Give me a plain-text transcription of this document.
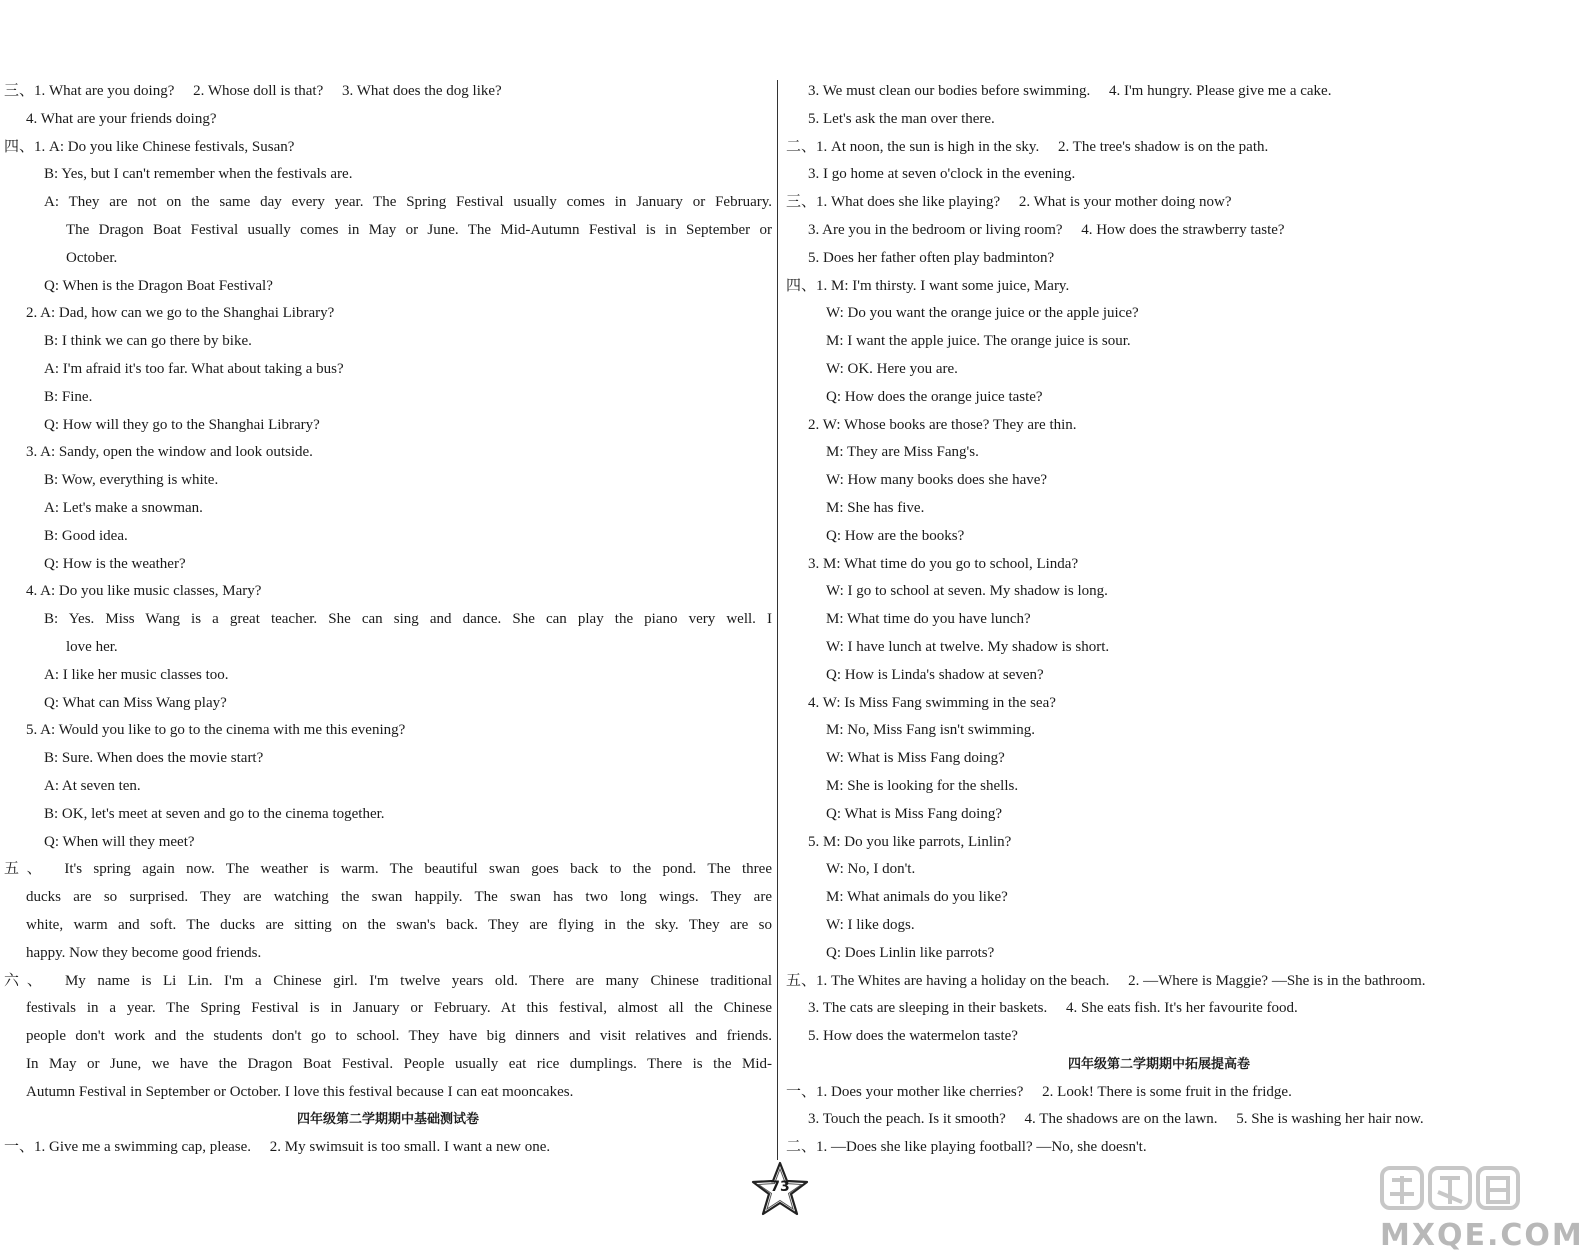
三、1. What are you doing?　 2. Whose doll is that?　 3. What does the dog like?
4. What are your friends doing?
四、1. A: Do you like Chinese festivals, Susan?
B: Yes, but I can't remember when the festivals are.
A: They are not on the same day every year. The Spring Festival usually comes in January or February.
The Dragon Boat Festival usually comes in May or June. The Mid-Autumn Festival is in September or
October.
Q: When is the Dragon Boat Festival?
2. A: Dad, how can we go to the Shanghai Library?
B: I think we can go there by bike.
A: I'm afraid it's too far. What about taking a bus?
B: Fine.
Q: How will they go to the Shanghai Library?
3. A: Sandy, open the window and look outside.
B: Wow, everything is white.
A: Let's make a snowman.
B: Good idea.
Q: How is the weather?
4. A: Do you like music classes, Mary?
B: Yes. Miss Wang is a great teacher. She can sing and dance. She can play the piano very well. I
love her.
A: I like her music classes too.
Q: What can Miss Wang play?
5. A: Would you like to go to the cinema with me this evening?
B: Sure. When does the movie start?
A: At seven ten.
B: OK, let's meet at seven and go to the cinema together.
Q: When will they meet?
五、　It's spring again now. The weather is warm. The beautiful swan goes back to the pond. The three
ducks are so surprised. They are watching the swan happily. The swan has two long wings. They are
white, warm and soft. The ducks are sitting on the swan's back. They are flying in the sky. They are so
happy. Now they become good friends.
六、　My name is Li Lin. I'm a Chinese girl. I'm twelve years old. There are many Chinese traditional
festivals in a year. The Spring Festival is in January or February. At this festival, almost all the Chinese
people don't work and the students don't go to school. They have big dinners and visit relatives and friends.
In May or June, we have the Dragon Boat Festival. People usually eat rice dumplings. There is the Mid-
Autumn Festival in September or October. I love this festival because I can eat mooncakes.
四年级第二学期期中基础测试卷
一、1. Give me a swimming cap, please.　 2. My swimsuit is too small. I want a new one.
3. We must clean our bodies before swimming.　 4. I'm hungry. Please give me a cake.
5. Let's ask the man over there.
二、1. At noon, the sun is high in the sky.　 2. The tree's shadow is on the path.
3. I go home at seven o'clock in the evening.
三、1. What does she like playing?　 2. What is your mother doing now?
3. Are you in the bedroom or living room?　 4. How does the strawberry taste?
5. Does her father often play badminton?
四、1. M: I'm thirsty. I want some juice, Mary.
W: Do you want the orange juice or the apple juice?
M: I want the apple juice. The orange juice is sour.
W: OK. Here you are.
Q: How does the orange juice taste?
2. W: Whose books are those? They are thin.
M: They are Miss Fang's.
W: How many books does she have?
M: She has five.
Q: How are the books?
3. M: What time do you go to school, Linda?
W: I go to school at seven. My shadow is long.
M: What time do you have lunch?
W: I have lunch at twelve. My shadow is short.
Q: How is Linda's shadow at seven?
4. W: Is Miss Fang swimming in the sea?
M: No, Miss Fang isn't swimming.
W: What is Miss Fang doing?
M: She is looking for the shells.
Q: What is Miss Fang doing?
5. M: Do you like parrots, Linlin?
W: No, I don't.
M: What animals do you like?
W: I like dogs.
Q: Does Linlin like parrots?
五、1. The Whites are having a holiday on the beach.　 2. —Where is Maggie? —She is in the bathroom.
3. The cats are sleeping in their baskets.　 4. She eats fish. It's her favourite food.
5. How does the watermelon taste?
四年级第二学期期中拓展提高卷
一、1. Does your mother like cherries?　 2. Look! There is some fruit in the fridge.
3. Touch the peach. Is it smooth?　 4. The shadows are on the lawn.　 5. She is washing her hair now.
二、1. —Does she like playing football? —No, she doesn't.
73
MXQE.COM
